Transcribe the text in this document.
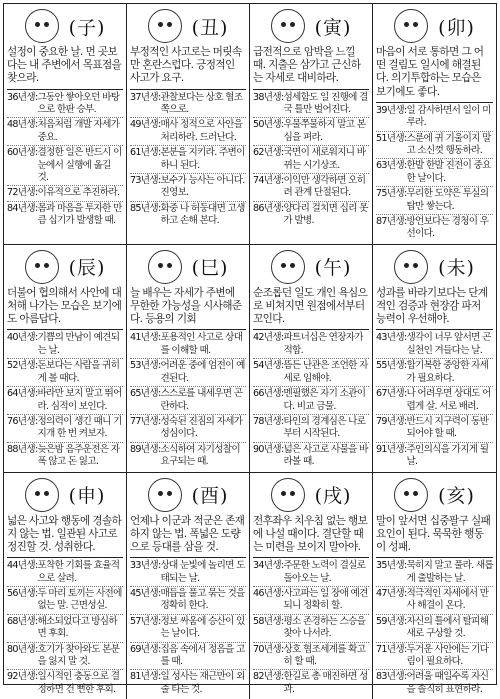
(子)
설정이 중요한 날. 먼 곳보다는 내 주변에서 목표점을 찾으라.
36년생: 그동안 쌓아오던 바탕으로 한판 승부.
48년생: 처음처럼 개발 자세가 중요.
60년생: 결정한 일은 반드시 이 눈에서 실행에 옮길 것.
72년생: 이유적으로 추진하라.
84년생: 몸과 마음을 투자한 만큼 십기가 발생할 때.
(丑)
부정적인 사고로는 머릿속만 혼란스럽다. 긍정적인 사고가 요구.
37년생: 관찰보다는 상호 협조 쪽으로.
49년생: 매사 정적으로 사안을 처리하라. 드러난다.
61년생: 본분을 지키라. 주변이 하니 된다.
73년생: 보수가 능사는 아니다. 진영보.
85년생: 화중 나 허둥대면 고생하고 손해 본다.
(寅)
급전적으로 암박을 느낄 때. 지출은 삼가고 근신하는 자세로 대비하라.
38년생: 섬세함도 일 진행에 결국 틀만 벌어진다.
50년생: 우물쭈물하지 말고 본심을 펴라.
62년생: 국면이 새로워지니 바뀌는 시기상조.
74년생: 이익만 생각하면 오히려 관계 단절된다.
86년생: 양다리 걸치면 십리 못 가 발병.
(卯)
마음이 서로 통하면 그 어떤 걸림도 일시에 해결된다. 의기투합하는 모습은 보기에도 좋다.
39년생: 일 감사하면서 일이 미루라.
51년생: 스룬에 귀 기울이지 말고 소신껏 행동하라.
63년생: 한발 한발 진전이 중요한 날이다.
75년생: 무리한 도약은 투실의 탑만 쌓는다.
87년생: 방언보다는 경청이 우선이다.
(辰)
더불어 협의해서 사안에 대처해 나가는 모습은 보기에도 아름답다.
40년생: 기쁨의 만남이 예견되는 날.
52년생: 돈보다는 사람을 귀히 게 볼 때다.
64년생: 바라만 보지 말고 뛰어라. 심적이 보인다.
76년생: 정의력이 생긴 때니 기지개 한 번 켜보자.
88년생: 늦은밤 음주운전은 자폭 않고 돈 잃고.
(巳)
늘 배우는 자세가 주변에 무한한 가능성을 시사해준다. 등용의 기회
41년생: 포용적인 사고로 상대를 이해할 때.
53년생: 어려운 중에 엄전이 예견된다.
65년생: 스스로를 내세우면 곤란하다.
77년생: 성숙된 진짐의 자세가 성심이다.
89년생: 소식하여 자기성찰이 요구되는 때.
(午)
순조롭던 일도 개인 욕심으로 비쳐지면 원점에서부터 꼬인다.
42년생: 파트너십은 연장자가 적합.
54년생: 뜸든 난관은 조언한 자세로 임해야.
66년생: 멘필했은 자기 소관이다. 비교 금물.
78년생: 타인의 경계심은 나로부터 시작된다.
90년생: 넓은 사고로 사물을 바라볼 때.
(未)
성과를 바라기보다는 단계적인 검증과 현장감 파저 능력이 우선해야.
43년생: 생각이 너무 앞서면 곤 실천인 겨들다는 날.
55년생: 합기복한 중앙한 자세가 필요하다.
67년생: 나 어려우면 상대도 어렵게 살. 서로 배려.
79년생: 반드시 지구력이 동반되어야 할 때.
91년생: 주인의식을 가지게 될 날.
(申)
넓은 사고와 행동에 경솔하지 않는 법. 일관된 사고로 정진할 것. 성취한다.
44년생: 포착한 기회를 효율적으로 살려.
56년생: 두 마리 토끼는 사전에 없는 말. 근면성실.
68년생: 해소되었다고 방심하면 후회.
80년생: 호기가 찾아와도 본분을 잃지 말 것.
92년생: 일시적인 충동으로 결정하면 건 뻔한 후회.
(酉)
언제나 이군과 적군은 존재하지 않는 법. 폭넓은 도량으로 등대를 삼을 것.
33년생: 상대 눈빛에 놀리면 도태되는 날.
45년생: 매듭을 풀고 묶는 것을 정확히 한다.
57년생: 정보 싸움에 승산이 있는 날이다.
69년생: 집음 속에서 정음을 고를 때.
81년생: 일 성사는 재근만이 외줄 타는 것.
(戌)
전후좌우 치우침 없는 행보에 나설 때이다. 결단할 때는 미련을 보이지 말아야.
34년생: 주문한 노력이 결실로 돌아오는 날.
46년생: 사고파는 일 장애 예견되니 정확히 할.
58년생: 평소 존경하는 스승을 찾아 나서라.
70년생: 상호 협조세계를 확고히 할 때.
82년생: 한길로 총 매진하면 성과.
(亥)
말이 앞서면 십중팔구 실패요인이 된다. 묵묵한 행동이 성패.
35년생: 묵히지 말고 풀라. 새롭게 출발하는 날.
47년생: 적극적인 자세에서 만사 해결이 온다.
59년생: 자신의 틀에서 탈피해 새로 구상할 것.
71년생: 두거운 사안에는 기다림이 필요하다.
83년생: 어려울 때일수록 자신을 솔직히 표현하라.
